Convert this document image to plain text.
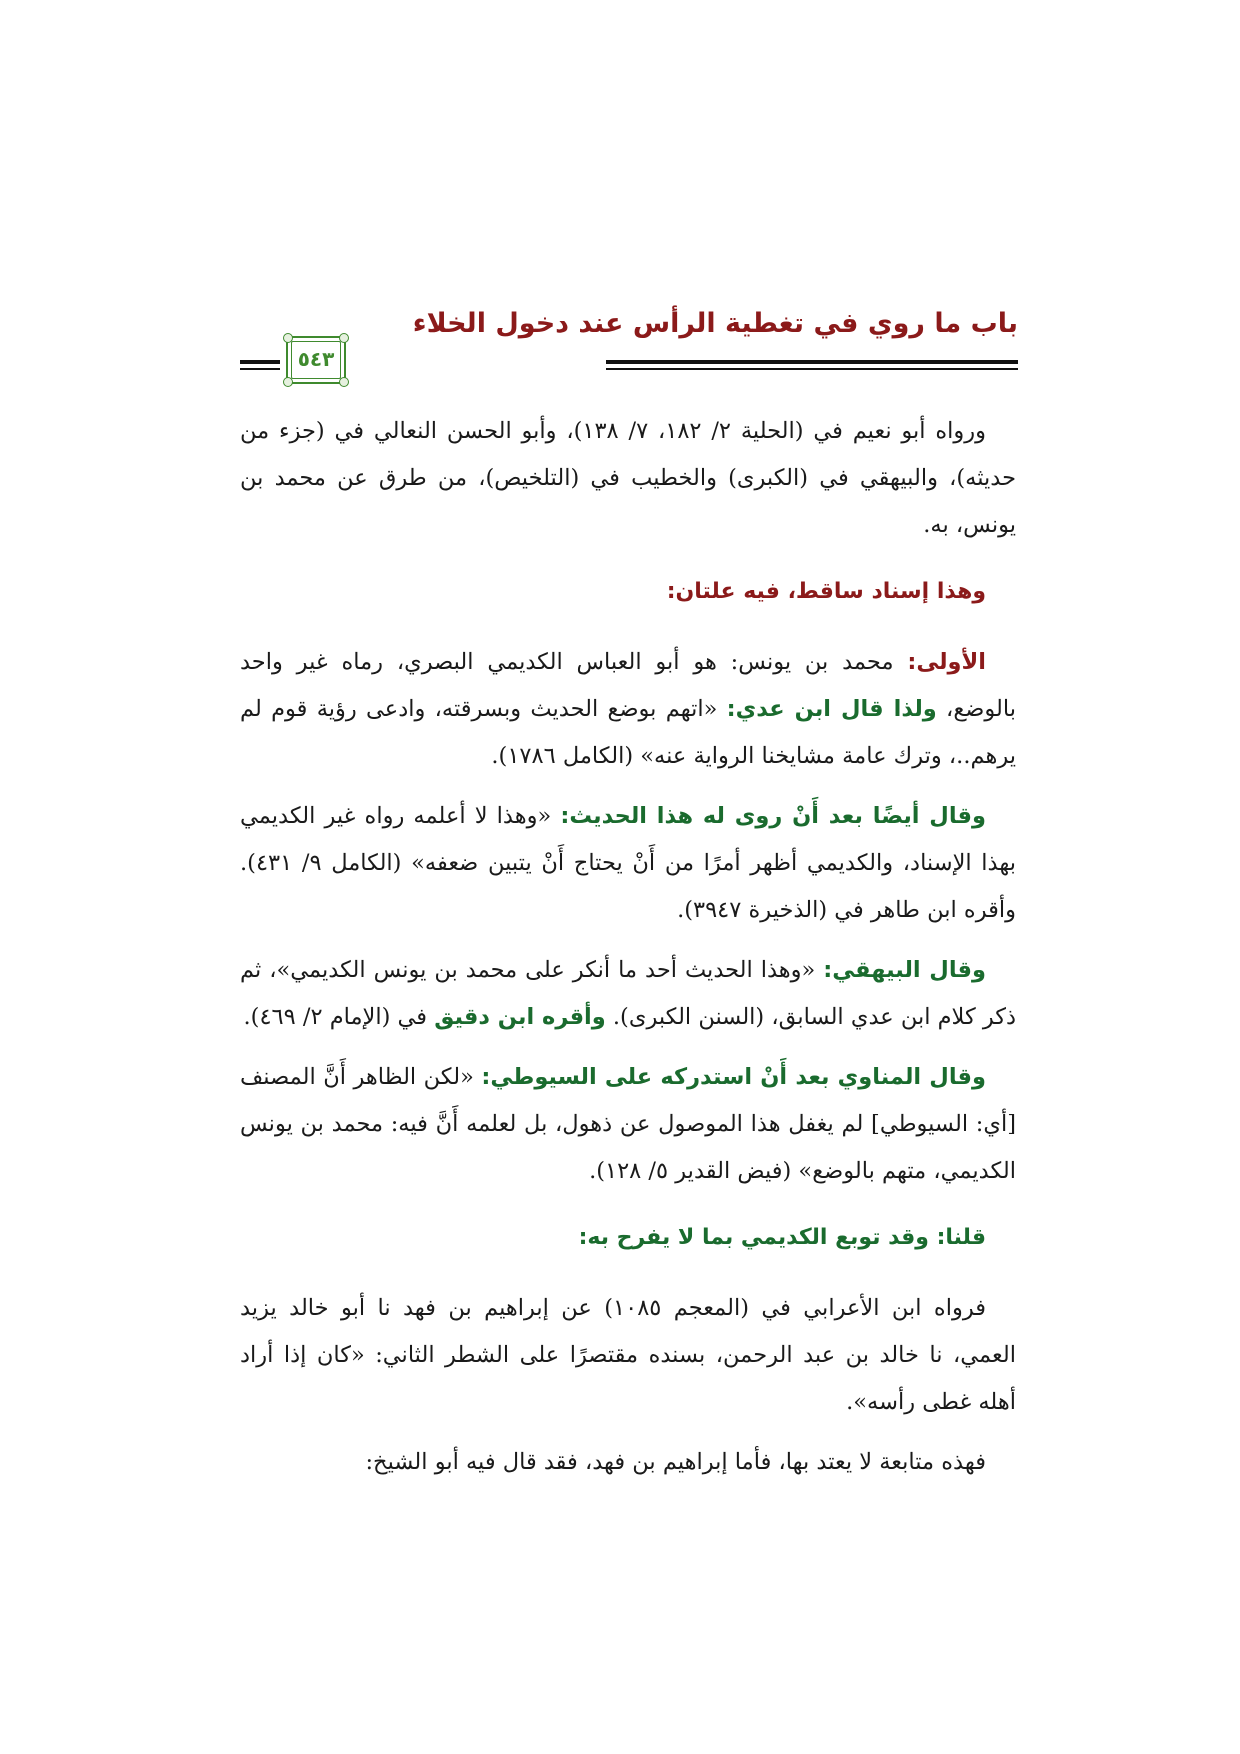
باب ما روي في تغطية الرأس عند دخول الخلاء
٥٤٣

ورواه أبو نعيم في (الحلية ٢/ ١٨٢، ٧/ ١٣٨)، وأبو الحسن النعالي في (جزء من حديثه)، والبيهقي في (الكبرى) والخطيب في (التلخيص)، من طرق عن محمد بن يونس، به.

وهذا إسناد ساقط، فيه علتان:

الأولى: محمد بن يونس: هو أبو العباس الكديمي البصري، رماه غير واحد بالوضع، ولذا قال ابن عدي: «اتهم بوضع الحديث وبسرقته، وادعى رؤية قوم لم يرهم..، وترك عامة مشايخنا الرواية عنه» (الكامل ١٧٨٦).

وقال أيضًا بعد أَنْ روى له هذا الحديث: «وهذا لا أعلمه رواه غير الكديمي بهذا الإسناد، والكديمي أظهر أمرًا من أَنْ يحتاج أَنْ يتبين ضعفه» (الكامل ٩/ ٤٣١). وأقره ابن طاهر في (الذخيرة ٣٩٤٧).

وقال البيهقي: «وهذا الحديث أحد ما أنكر على محمد بن يونس الكديمي»، ثم ذكر كلام ابن عدي السابق، (السنن الكبرى). وأقره ابن دقيق في (الإمام ٢/ ٤٦٩).

وقال المناوي بعد أَنْ استدركه على السيوطي: «لكن الظاهر أَنَّ المصنف [أي: السيوطي] لم يغفل هذا الموصول عن ذهول، بل لعلمه أَنَّ فيه: محمد بن يونس الكديمي، متهم بالوضع» (فيض القدير ٥/ ١٢٨).

قلنا: وقد توبع الكديمي بما لا يفرح به:

فرواه ابن الأعرابي في (المعجم ١٠٨٥) عن إبراهيم بن فهد نا أبو خالد يزيد العمي، نا خالد بن عبد الرحمن، بسنده مقتصرًا على الشطر الثاني: «كان إذا أراد أهله غطى رأسه».

فهذه متابعة لا يعتد بها، فأما إبراهيم بن فهد، فقد قال فيه أبو الشيخ:
